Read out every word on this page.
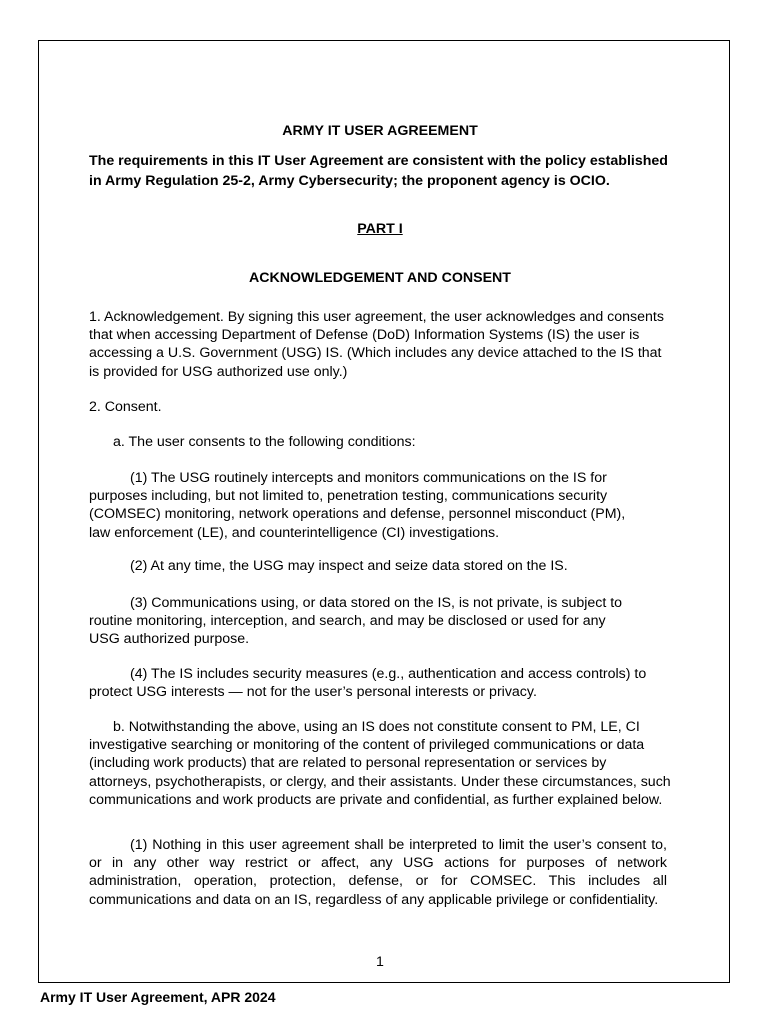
ARMY IT USER AGREEMENT
The requirements in this IT User Agreement are consistent with the policy established in Army Regulation 25-2, Army Cybersecurity; the proponent agency is OCIO.
PART I
ACKNOWLEDGEMENT AND CONSENT

1. Acknowledgement. By signing this user agreement, the user acknowledges and consents that when accessing Department of Defense (DoD) Information Systems (IS) the user is accessing a U.S. Government (USG) IS. (Which includes any device attached to the IS that is provided for USG authorized use only.)

2. Consent.

a. The user consents to the following conditions:

(1) The USG routinely intercepts and monitors communications on the IS for purposes including, but not limited to, penetration testing, communications security (COMSEC) monitoring, network operations and defense, personnel misconduct (PM), law enforcement (LE), and counterintelligence (CI) investigations.

(2) At any time, the USG may inspect and seize data stored on the IS.

(3) Communications using, or data stored on the IS, is not private, is subject to routine monitoring, interception, and search, and may be disclosed or used for any USG authorized purpose.

(4) The IS includes security measures (e.g., authentication and access controls) to protect USG interests — not for the user’s personal interests or privacy.

b. Notwithstanding the above, using an IS does not constitute consent to PM, LE, CI investigative searching or monitoring of the content of privileged communications or data (including work products) that are related to personal representation or services by attorneys, psychotherapists, or clergy, and their assistants. Under these circumstances, such communications and work products are private and confidential, as further explained below.

(1) Nothing in this user agreement shall be interpreted to limit the user’s consent to, or in any other way restrict or affect, any USG actions for purposes of network administration, operation, protection, defense, or for COMSEC. This includes all communications and data on an IS, regardless of any applicable privilege or confidentiality.

1
Army IT User Agreement, APR 2024
